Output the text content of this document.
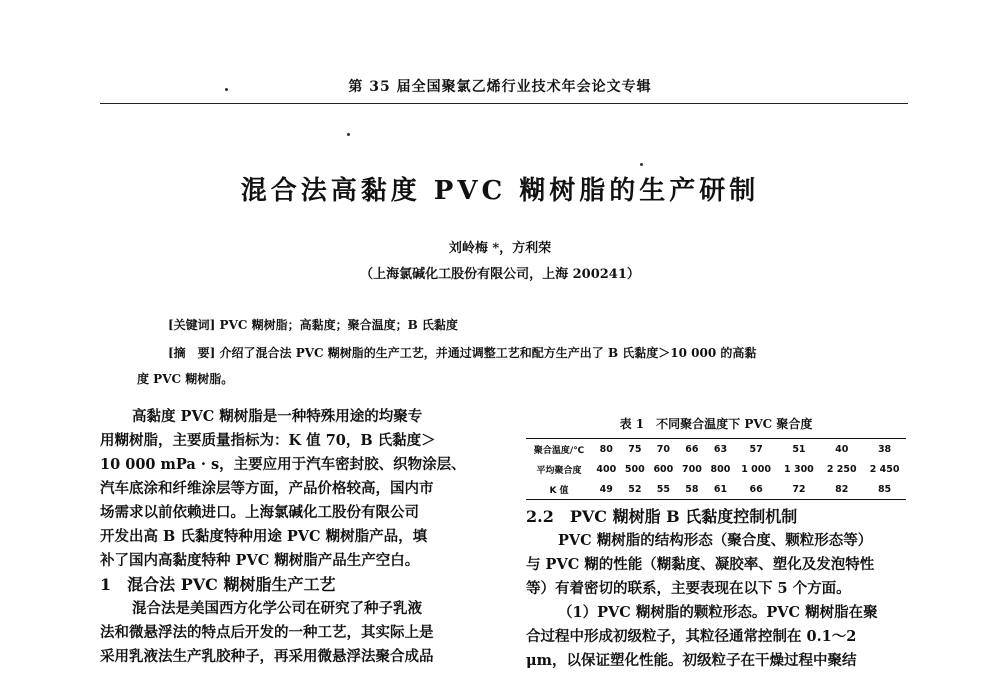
第 35 届全国聚氯乙烯行业技术年会论文专辑
混合法高黏度 PVC 糊树脂的生产研制
刘岭梅 *，方利荣
（上海氯碱化工股份有限公司，上海 200241）
[关键词] PVC 糊树脂；高黏度；聚合温度；B 氏黏度
[摘　要] 介绍了混合法 PVC 糊树脂的生产工艺，并通过调整工艺和配方生产出了 B 氏黏度＞10 000 的高黏
度 PVC 糊树脂。

高黏度 PVC 糊树脂是一种特殊用途的均聚专

用糊树脂，主要质量指标为：K 值 70，B 氏黏度＞

10 000 mPa · s，主要应用于汽车密封胶、织物涂层、

汽车底涂和纤维涂层等方面，产品价格较高，国内市

场需求以前依赖进口。上海氯碱化工股份有限公司

开发出高 B 氏黏度特种用途 PVC 糊树脂产品，填

补了国内高黏度特种 PVC 糊树脂产品生产空白。

1　混合法 PVC 糊树脂生产工艺

混合法是美国西方化学公司在研究了种子乳液

法和微悬浮法的特点后开发的一种工艺，其实际上是

采用乳液法生产乳胶种子，再采用微悬浮法聚合成品

表 1　不同聚合温度下 PVC 聚合度
聚合温度/℃	80	75	70	66	63	57	51	40	38
平均聚合度	400	500	600	700	800	1 000	1 300	2 250	2 450
K 值	49	52	55	58	61	66	72	82	85

2.2　PVC 糊树脂 B 氏黏度控制机制

PVC 糊树脂的结构形态（聚合度、颗粒形态等）

与 PVC 糊的性能（糊黏度、凝胶率、塑化及发泡特性

等）有着密切的联系，主要表现在以下 5 个方面。

（1）PVC 糊树脂的颗粒形态。PVC 糊树脂在聚

合过程中形成初级粒子，其粒径通常控制在 0.1～2

μm，以保证塑化性能。初级粒子在干燥过程中聚结
